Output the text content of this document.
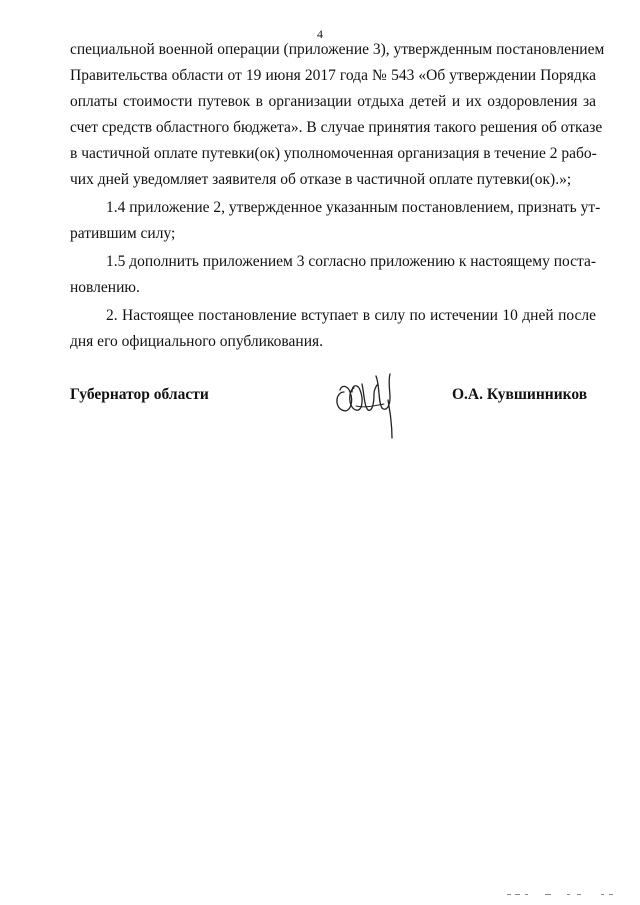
4
специальной военной операции (приложение 3), утвержденным постановлением
Правительства области от 19 июня 2017 года № 543 «Об утверждении Порядка
оплаты стоимости путевок в организации отдыха детей и их оздоровления за
счет средств областного бюджета». В случае принятия такого решения об отказе
в частичной оплате путевки(ок) уполномоченная организация в течение 2 рабо-
чих дней уведомляет заявителя об отказе в частичной оплате путевки(ок).»;
1.4 приложение 2, утвержденное указанным постановлением, признать ут-
ратившим силу;
1.5 дополнить приложением 3 согласно приложению к настоящему поста-
новлению.
2. Настоящее постановление вступает в силу по истечении 10 дней после
дня его официального опубликования.
Губернатор области	О.А. Кувшинников
